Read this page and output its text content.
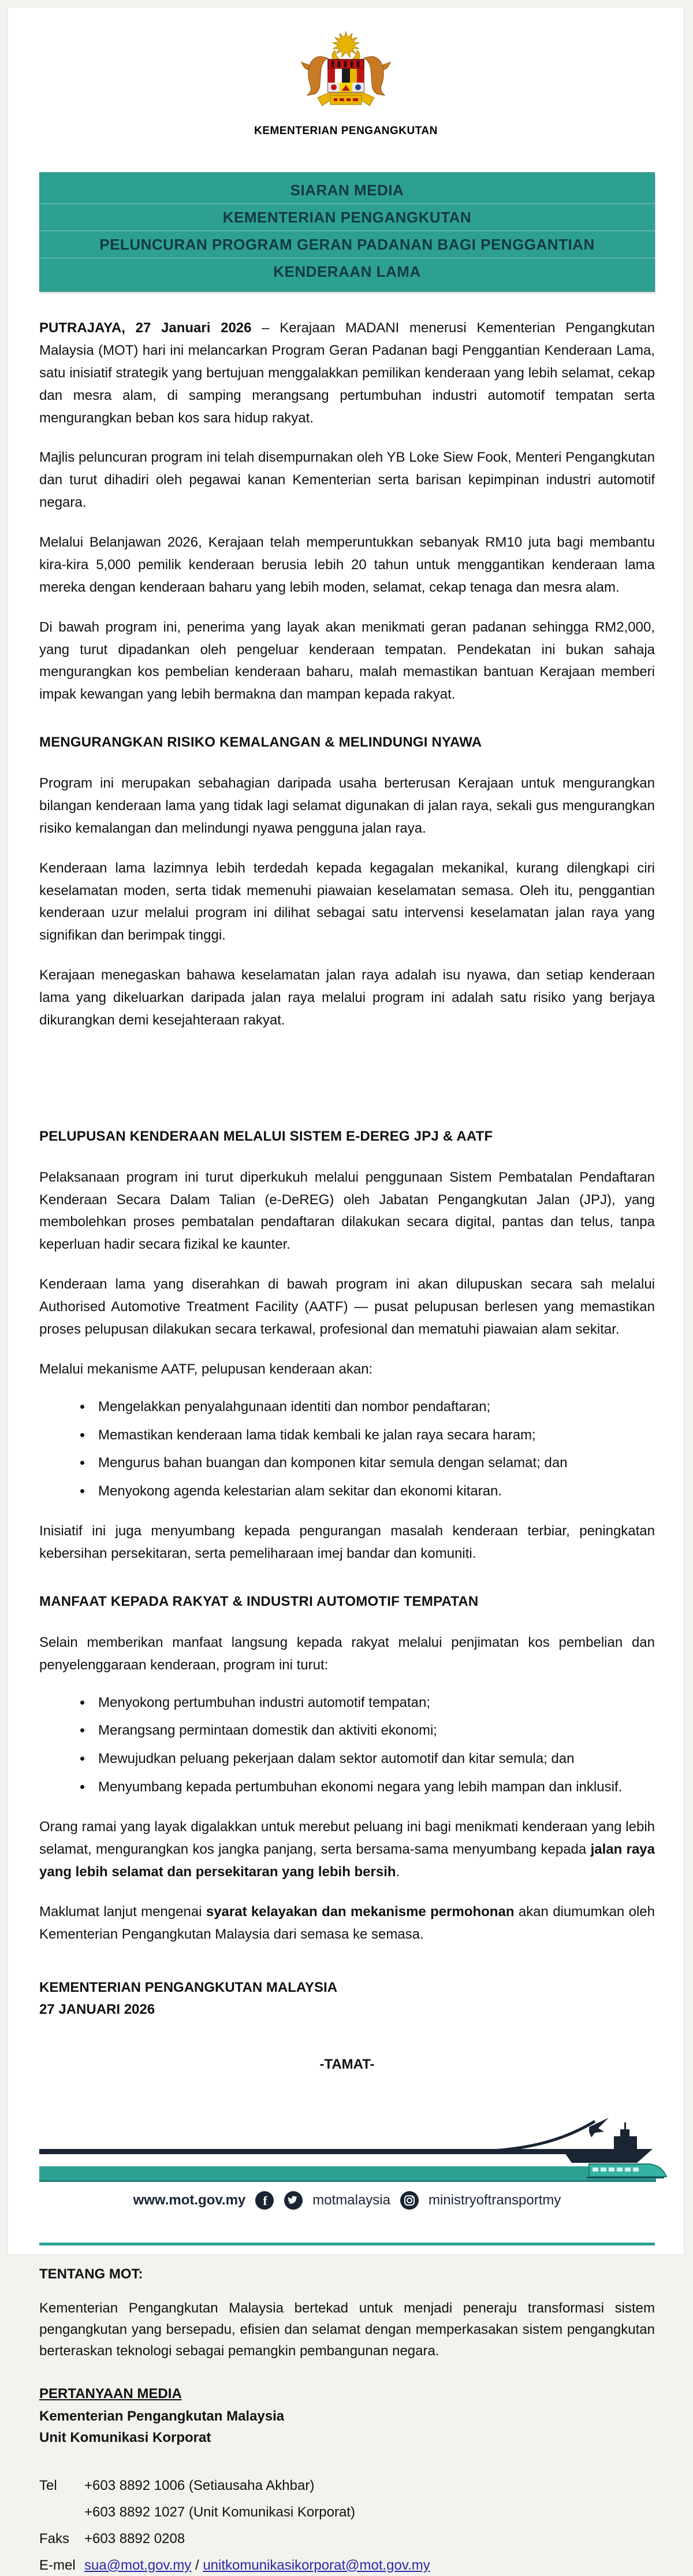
KEMENTERIAN PENGANGKUTAN
SIARAN MEDIA
KEMENTERIAN PENGANGKUTAN
PELUNCURAN PROGRAM GERAN PADANAN BAGI PENGGANTIAN
KENDERAAN LAMA

PUTRAJAYA, 27 Januari 2026 – Kerajaan MADANI menerusi Kementerian Pengangkutan Malaysia (MOT) hari ini melancarkan Program Geran Padanan bagi Penggantian Kenderaan Lama, satu inisiatif strategik yang bertujuan menggalakkan pemilikan kenderaan yang lebih selamat, cekap dan mesra alam, di samping merangsang pertumbuhan industri automotif tempatan serta mengurangkan beban kos sara hidup rakyat.

Majlis peluncuran program ini telah disempurnakan oleh YB Loke Siew Fook, Menteri Pengangkutan dan turut dihadiri oleh pegawai kanan Kementerian serta barisan kepimpinan industri automotif negara.

Melalui Belanjawan 2026, Kerajaan telah memperuntukkan sebanyak RM10 juta bagi membantu kira-kira 5,000 pemilik kenderaan berusia lebih 20 tahun untuk menggantikan kenderaan lama mereka dengan kenderaan baharu yang lebih moden, selamat, cekap tenaga dan mesra alam.

Di bawah program ini, penerima yang layak akan menikmati geran padanan sehingga RM2,000, yang turut dipadankan oleh pengeluar kenderaan tempatan. Pendekatan ini bukan sahaja mengurangkan kos pembelian kenderaan baharu, malah memastikan bantuan Kerajaan memberi impak kewangan yang lebih bermakna dan mampan kepada rakyat.

MENGURANGKAN RISIKO KEMALANGAN & MELINDUNGI NYAWA

Program ini merupakan sebahagian daripada usaha berterusan Kerajaan untuk mengurangkan bilangan kenderaan lama yang tidak lagi selamat digunakan di jalan raya, sekali gus mengurangkan risiko kemalangan dan melindungi nyawa pengguna jalan raya.

Kenderaan lama lazimnya lebih terdedah kepada kegagalan mekanikal, kurang dilengkapi ciri keselamatan moden, serta tidak memenuhi piawaian keselamatan semasa. Oleh itu, penggantian kenderaan uzur melalui program ini dilihat sebagai satu intervensi keselamatan jalan raya yang signifikan dan berimpak tinggi.

Kerajaan menegaskan bahawa keselamatan jalan raya adalah isu nyawa, dan setiap kenderaan lama yang dikeluarkan daripada jalan raya melalui program ini adalah satu risiko yang berjaya dikurangkan demi kesejahteraan rakyat.

PELUPUSAN KENDERAAN MELALUI SISTEM E-DEREG JPJ & AATF

Pelaksanaan program ini turut diperkukuh melalui penggunaan Sistem Pembatalan Pendaftaran Kenderaan Secara Dalam Talian (e-DeREG) oleh Jabatan Pengangkutan Jalan (JPJ), yang membolehkan proses pembatalan pendaftaran dilakukan secara digital, pantas dan telus, tanpa keperluan hadir secara fizikal ke kaunter.

Kenderaan lama yang diserahkan di bawah program ini akan dilupuskan secara sah melalui Authorised Automotive Treatment Facility (AATF) — pusat pelupusan berlesen yang memastikan proses pelupusan dilakukan secara terkawal, profesional dan mematuhi piawaian alam sekitar.

Melalui mekanisme AATF, pelupusan kenderaan akan:

• Mengelakkan penyalahgunaan identiti dan nombor pendaftaran;
• Memastikan kenderaan lama tidak kembali ke jalan raya secara haram;
• Mengurus bahan buangan dan komponen kitar semula dengan selamat; dan
• Menyokong agenda kelestarian alam sekitar dan ekonomi kitaran.

Inisiatif ini juga menyumbang kepada pengurangan masalah kenderaan terbiar, peningkatan kebersihan persekitaran, serta pemeliharaan imej bandar dan komuniti.

MANFAAT KEPADA RAKYAT & INDUSTRI AUTOMOTIF TEMPATAN

Selain memberikan manfaat langsung kepada rakyat melalui penjimatan kos pembelian dan penyelenggaraan kenderaan, program ini turut:

• Menyokong pertumbuhan industri automotif tempatan;
• Merangsang permintaan domestik dan aktiviti ekonomi;
• Mewujudkan peluang pekerjaan dalam sektor automotif dan kitar semula; dan
• Menyumbang kepada pertumbuhan ekonomi negara yang lebih mampan dan inklusif.

Orang ramai yang layak digalakkan untuk merebut peluang ini bagi menikmati kenderaan yang lebih selamat, mengurangkan kos jangka panjang, serta bersama-sama menyumbang kepada jalan raya yang lebih selamat dan persekitaran yang lebih bersih.

Maklumat lanjut mengenai syarat kelayakan dan mekanisme permohonan akan diumumkan oleh Kementerian Pengangkutan Malaysia dari semasa ke semasa.

KEMENTERIAN PENGANGKUTAN MALAYSIA
27 JANUARI 2026
-TAMAT-
www.mot.gov.my f	motmalaysia	ministryoftransportmy
TENTANG MOT:

Kementerian Pengangkutan Malaysia bertekad untuk menjadi peneraju transformasi sistem pengangkutan yang bersepadu, efisien dan selamat dengan memperkasakan sistem pengangkutan berteraskan teknologi sebagai pemangkin pembangunan negara.

PERTANYAAN MEDIA
Kementerian Pengangkutan Malaysia
Unit Komunikasi Korporat
Tel	+603 8892 1006 (Setiausaha Akhbar)
+603 8892 1027 (Unit Komunikasi Korporat)
Faks	+603 8892 0208
E-mel sua@mot.gov.my / unitkomunikasikorporat@mot.gov.my
